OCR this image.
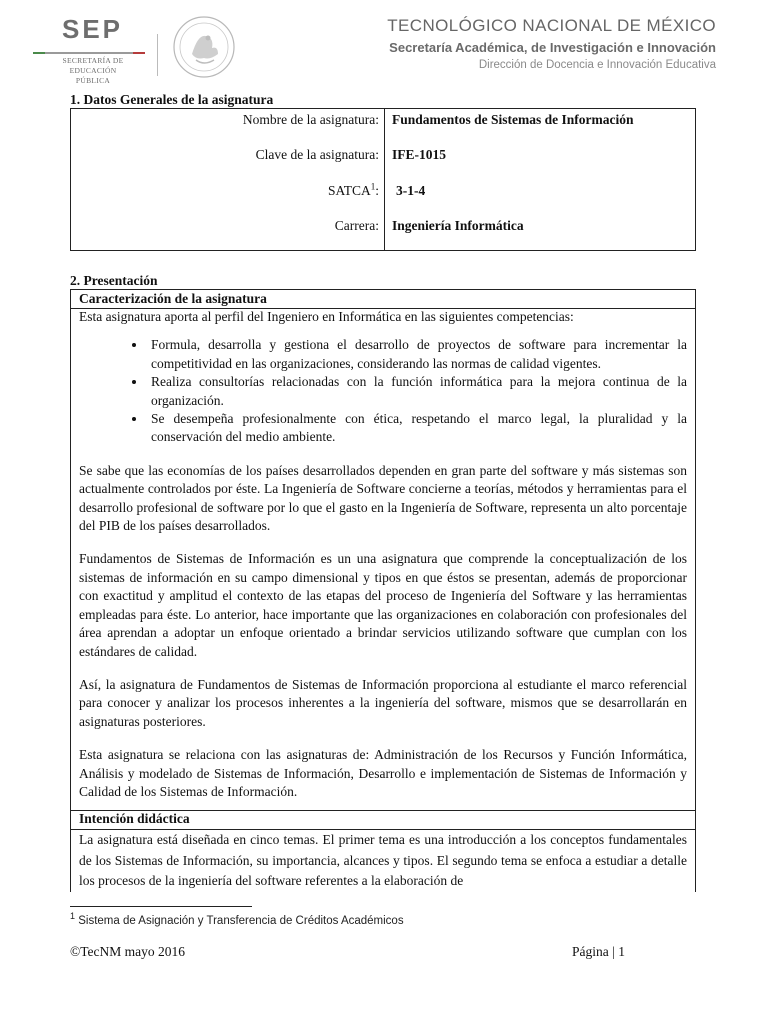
SEP
SECRETARÍA DE
EDUCACIÓN PÚBLICA
TECNOLÓGICO NACIONAL DE MÉXICO
Secretaría Académica, de Investigación e Innovación
Dirección de Docencia e Innovación Educativa
1. Datos Generales de la asignatura
Nombre de la asignatura: Fundamentos de Sistemas de Información
Clave de la asignatura: IFE-1015
SATCA$^1$: 3-1-4
Carrera: Ingeniería Informática
2. Presentación
Caracterización de la asignatura

Esta asignatura aporta al perfil del Ingeniero en Informática en las siguientes competencias:

• Formula, desarrolla y gestiona el desarrollo de proyectos de software para incrementar la competitividad en las organizaciones, considerando las normas de calidad vigentes.
• Realiza consultorías relacionadas con la función informática para la mejora continua de la organización.
• Se desempeña profesionalmente con ética, respetando el marco legal, la pluralidad y la conservación del medio ambiente.

Se sabe que las economías de los países desarrollados dependen en gran parte del software y más sistemas son actualmente controlados por éste. La Ingeniería de Software concierne a teorías, métodos y herramientas para el desarrollo profesional de software por lo que el gasto en la Ingeniería de Software, representa un alto porcentaje del PIB de los países desarrollados.

Fundamentos de Sistemas de Información es un una asignatura que comprende la conceptualización de los sistemas de información en su campo dimensional y tipos en que éstos se presentan, además de proporcionar con exactitud y amplitud el contexto de las etapas del proceso de Ingeniería del Software y las herramientas empleadas para éste. Lo anterior, hace importante que las organizaciones en colaboración con profesionales del área aprendan a adoptar un enfoque orientado a brindar servicios utilizando software que cumplan con los estándares de calidad.

Así, la asignatura de Fundamentos de Sistemas de Información proporciona al estudiante el marco referencial para conocer y analizar los procesos inherentes a la ingeniería del software, mismos que se desarrollarán en asignaturas posteriores.

Esta asignatura se relaciona con las asignaturas de: Administración de los Recursos y Función Informática, Análisis y modelado de Sistemas de Información, Desarrollo e implementación de Sistemas de Información y Calidad de los Sistemas de Información.

Intención didáctica
La asignatura está diseñada en cinco temas. El primer tema es una introducción a los conceptos fundamentales de los Sistemas de Información, su importancia, alcances y tipos. El segundo tema se enfoca a estudiar a detalle los procesos de la ingeniería del software referentes a la elaboración de
$^1$ Sistema de Asignación y Transferencia de Créditos Académicos
©TecNM mayo 2016	Página | 1
